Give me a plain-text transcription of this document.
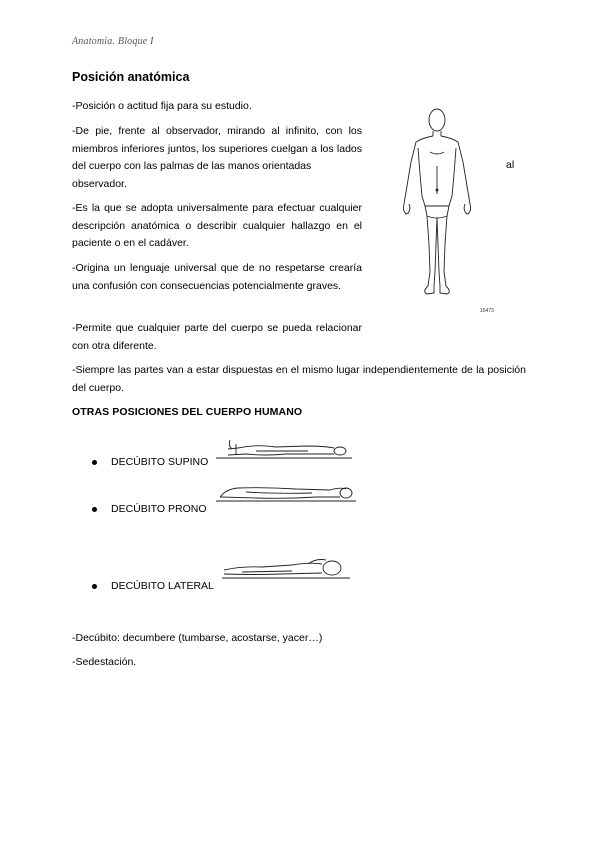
Anatomia. Bloque I
Posición anatómica
-Posición o actitud fija para su estudio.
-De pie, frente al observador, mirando al infinito, con los miembros inferiores juntos, los superiores cuelgan a los lados del cuerpo con las palmas de las manos orientadas
observador.
al
-Es la que se adopta universalmente para efectuar cualquier descripción anatómica o describir cualquier hallazgo en el paciente o en el cadáver.
-Origina un lenguaje universal que de no respetarse crearía una confusión con consecuencias potencialmente graves.
-Permite que cualquier parte del cuerpo se pueda relacionar con otra diferente.
-Siempre las partes van a estar dispuestas en el mismo lugar independientemente de la posición del cuerpo.
15473
OTRAS POSICIONES DEL CUERPO HUMANO
DECÚBITO SUPINO
DECÚBITO PRONO
DECÚBITO LATERAL
-Decúbito: decumbere (tumbarse, acostarse, yacer…)
-Sedestación.
